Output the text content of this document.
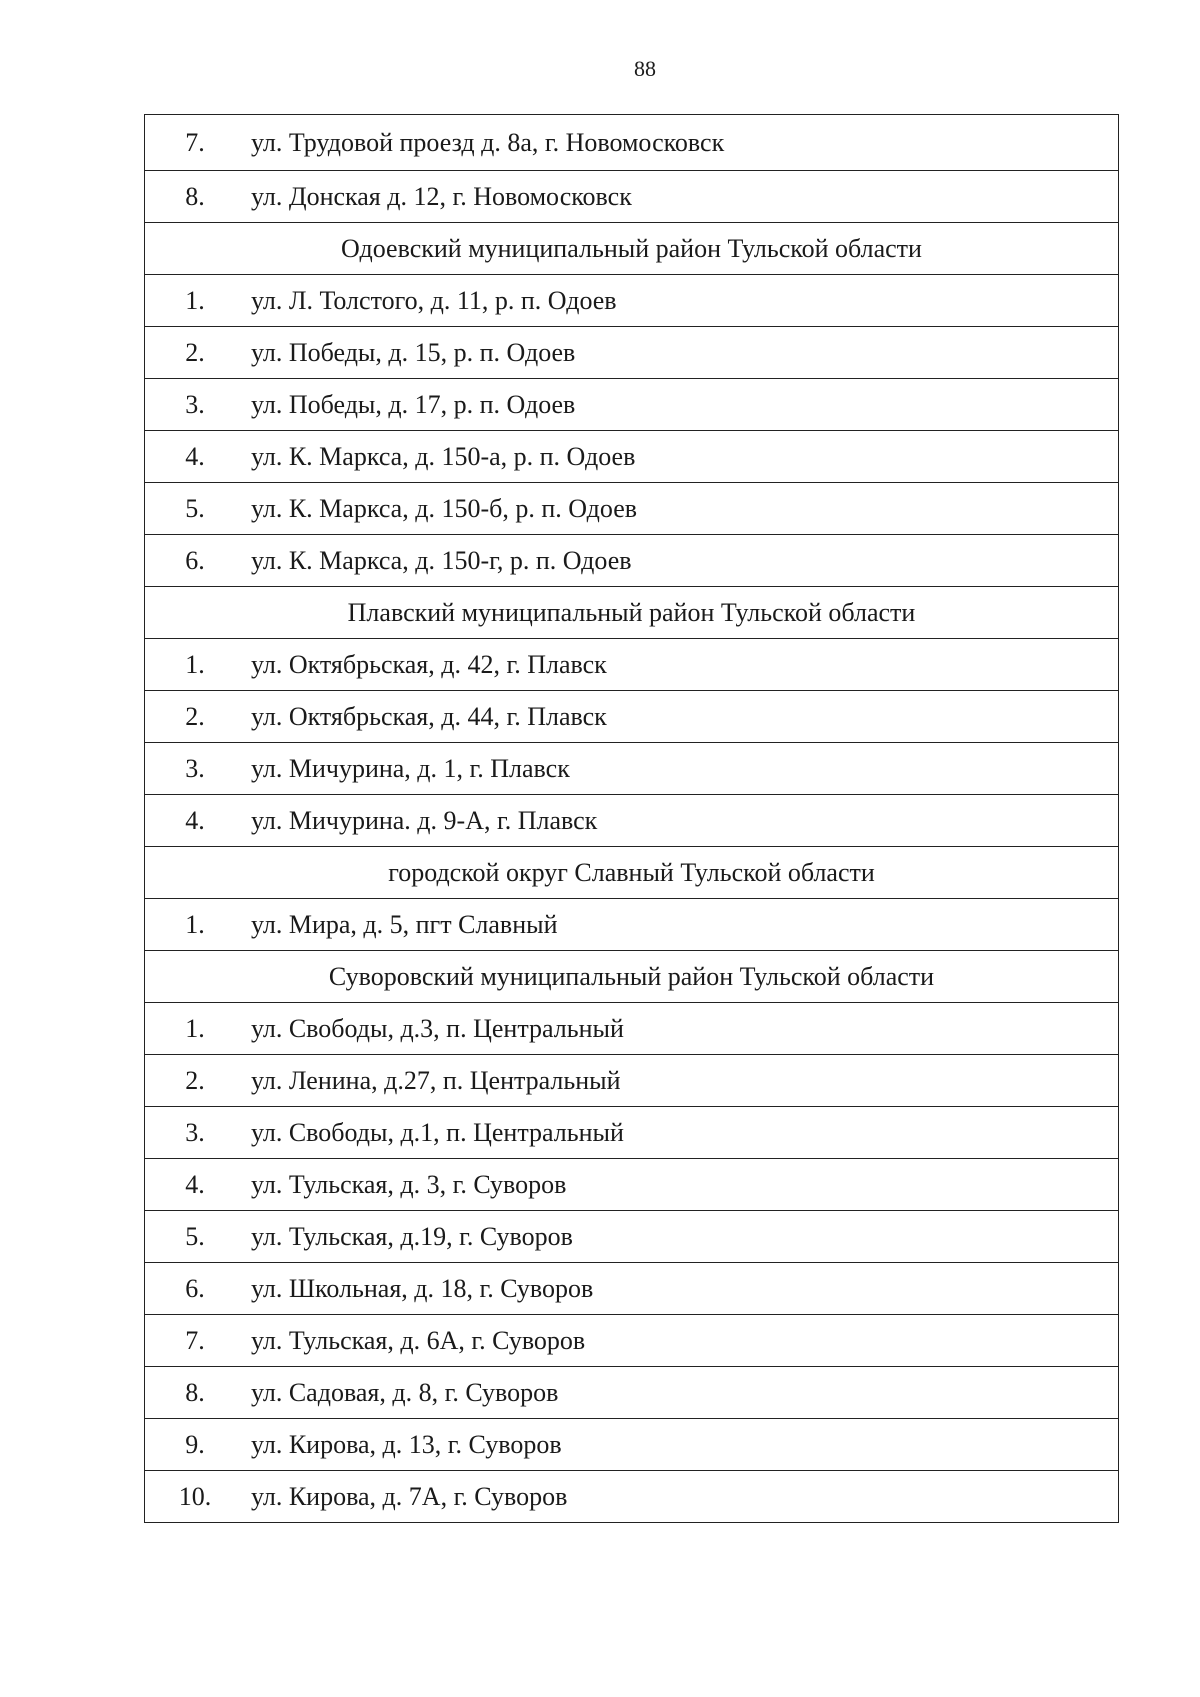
88
7.	ул. Трудовой проезд д. 8а, г. Новомосковск
8.	ул. Донская д. 12, г. Новомосковск
Одоевский муниципальный район Тульской области	
1.	ул. Л. Толстого, д. 11, р. п. Одоев
2.	ул. Победы, д. 15, р. п. Одоев
3.	ул. Победы, д. 17, р. п. Одоев
4.	ул. К. Маркса, д. 150-а, р. п. Одоев
5.	ул. К. Маркса, д. 150-б, р. п. Одоев
6.	ул. К. Маркса, д. 150-г, р. п. Одоев
Плавский муниципальный район Тульской области	
1.	ул. Октябрьская, д. 42, г. Плавск
2.	ул. Октябрьская, д. 44, г. Плавск
3.	ул. Мичурина, д. 1, г. Плавск
4.	ул. Мичурина. д. 9-А, г. Плавск
городской округ Славный Тульской области	
1.	ул. Мира, д. 5, пгт Славный
Суворовский муниципальный район Тульской области	
1.	ул. Свободы, д.3, п. Центральный
2.	ул. Ленина, д.27, п. Центральный
3.	ул. Свободы, д.1, п. Центральный
4.	ул. Тульская, д. 3, г. Суворов
5.	ул. Тульская, д.19, г. Суворов
6.	ул. Школьная, д. 18, г. Суворов
7.	ул. Тульская, д. 6А, г. Суворов
8.	ул. Садовая, д. 8, г. Суворов
9.	ул. Кирова, д. 13, г. Суворов
10.	ул. Кирова, д. 7А, г. Суворов
